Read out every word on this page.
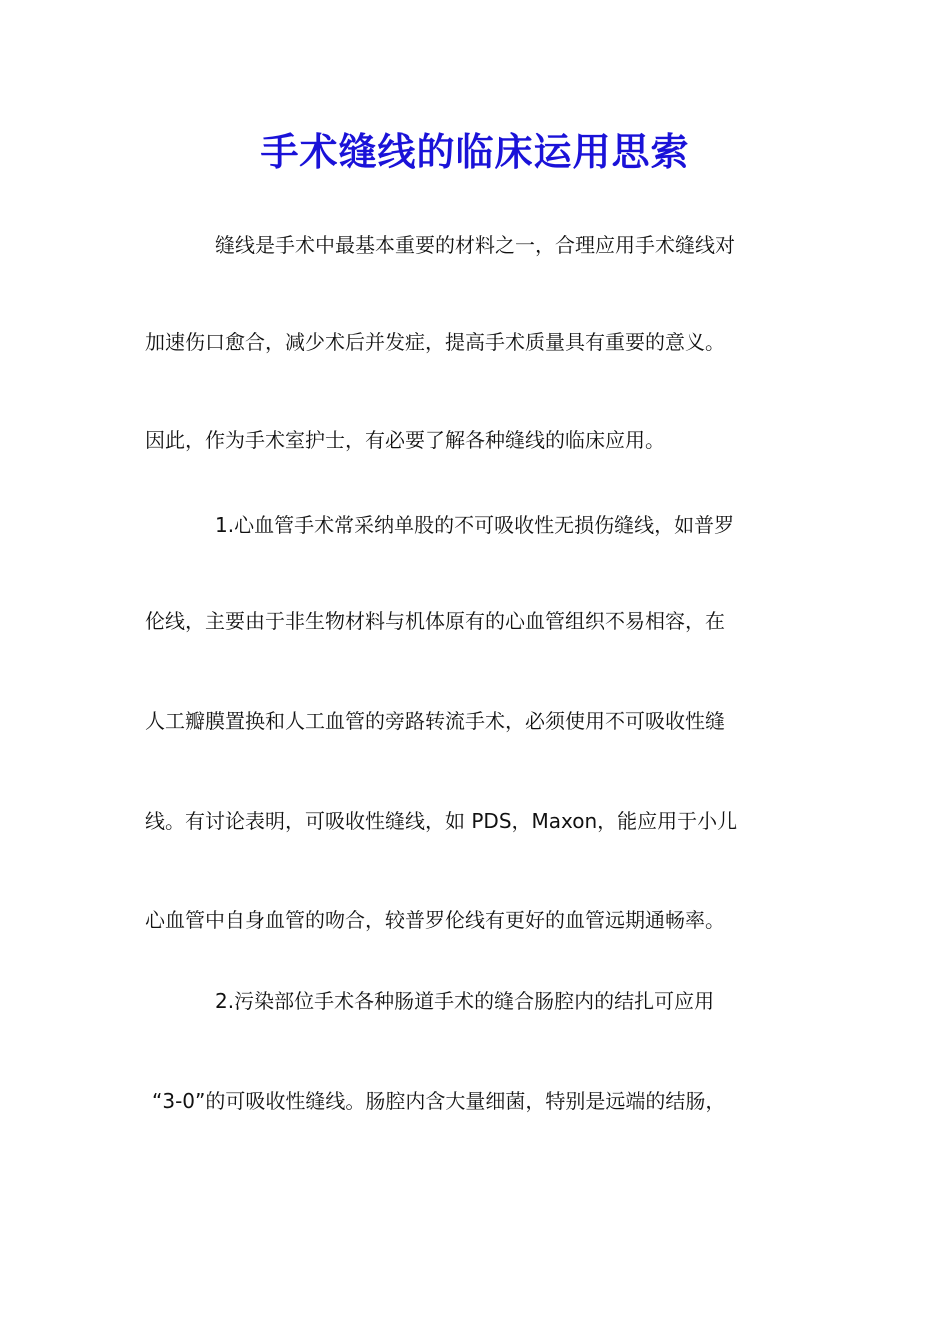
手术缝线的临床运用思索
缝线是手术中最基本重要的材料之一，合理应用手术缝线对
加速伤口愈合，减少术后并发症，提高手术质量具有重要的意义。
因此，作为手术室护士，有必要了解各种缝线的临床应用。
1.心血管手术常采纳单股的不可吸收性无损伤缝线，如普罗
伦线，主要由于非生物材料与机体原有的心血管组织不易相容，在
人工瓣膜置换和人工血管的旁路转流手术，必须使用不可吸收性缝
线。有讨论表明，可吸收性缝线，如 PDS，Maxon，能应用于小儿
心血管中自身血管的吻合，较普罗伦线有更好的血管远期通畅率。
2.污染部位手术各种肠道手术的缝合肠腔内的结扎可应用
“3-0”的可吸收性缝线。肠腔内含大量细菌，特别是远端的结肠，
